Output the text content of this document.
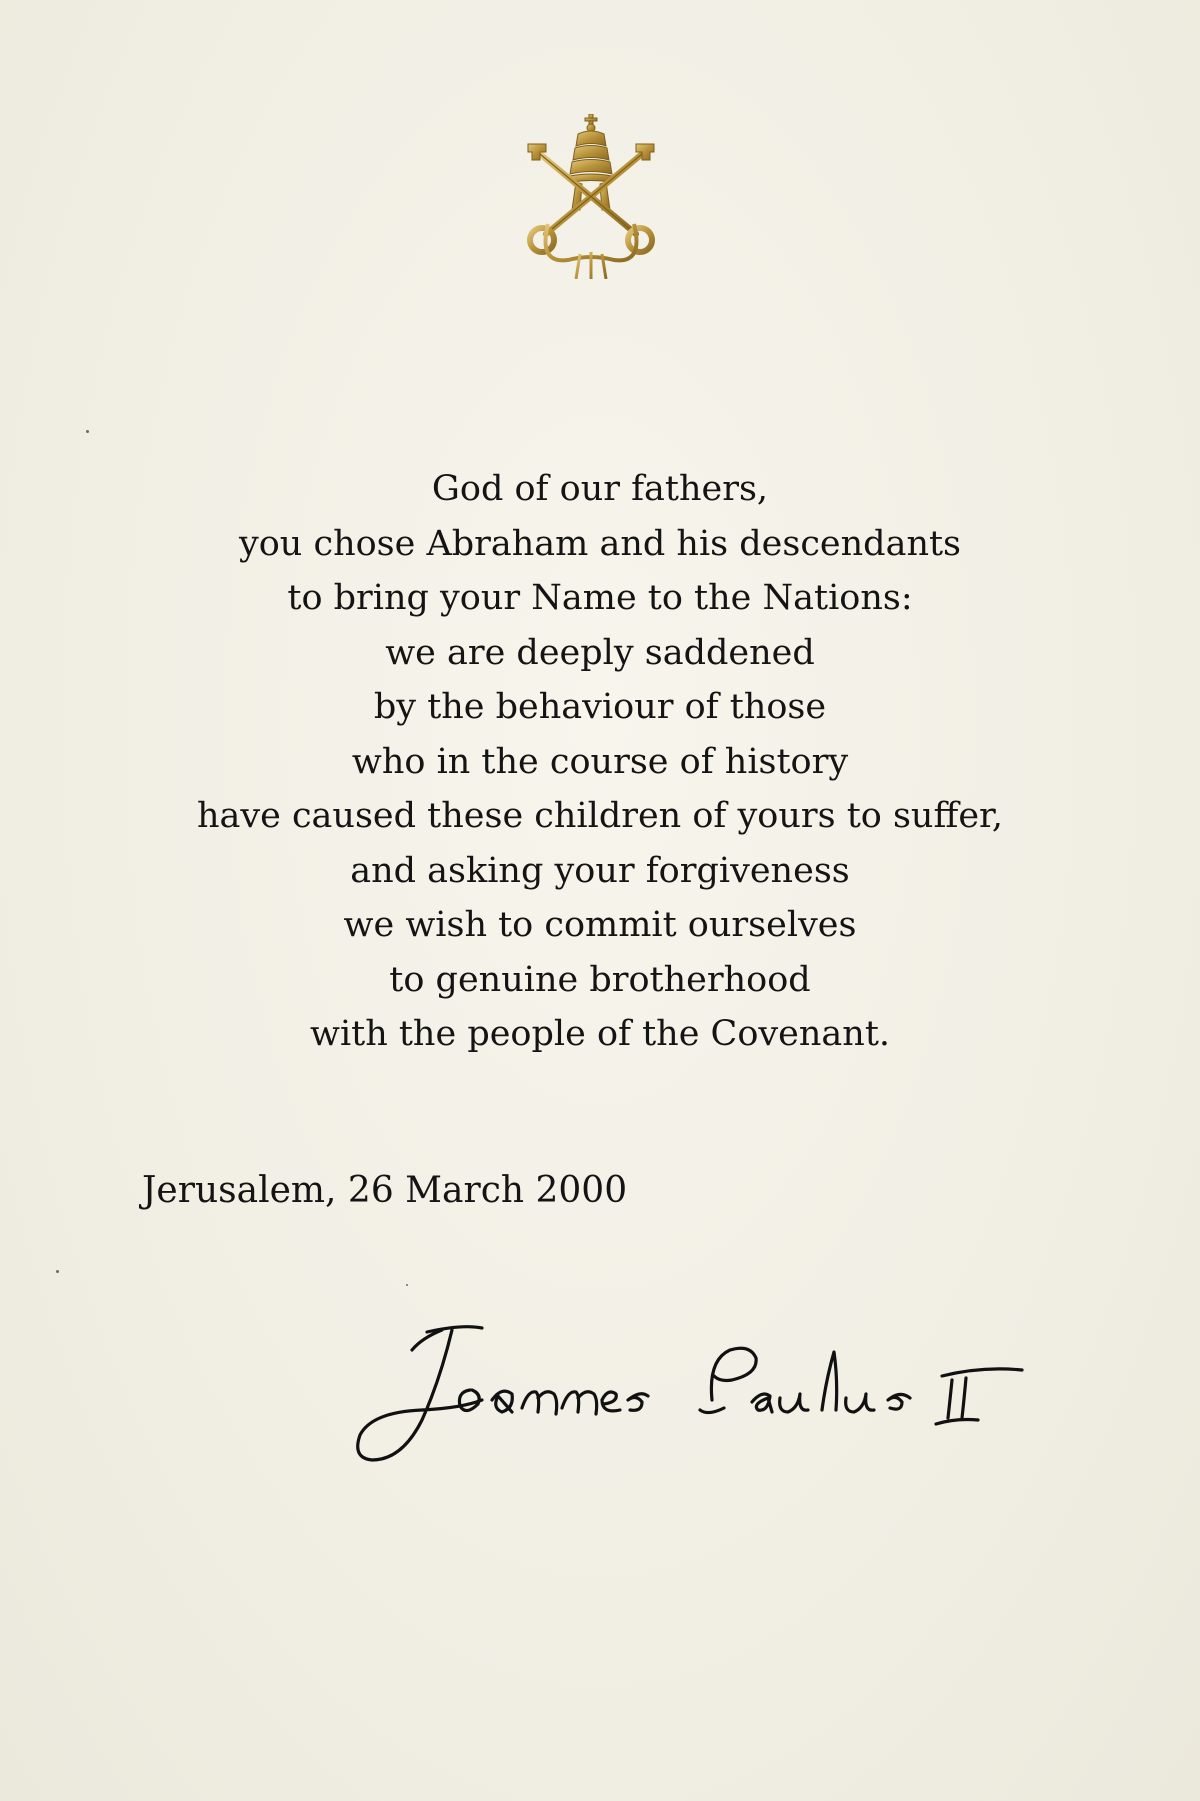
God of our fathers,
you chose Abraham and his descendants
to bring your Name to the Nations:
we are deeply saddened
by the behaviour of those
who in the course of history
have caused these children of yours to suffer,
and asking your forgiveness
we wish to commit ourselves
to genuine brotherhood
with the people of the Covenant.
Jerusalem, 26 March 2000
